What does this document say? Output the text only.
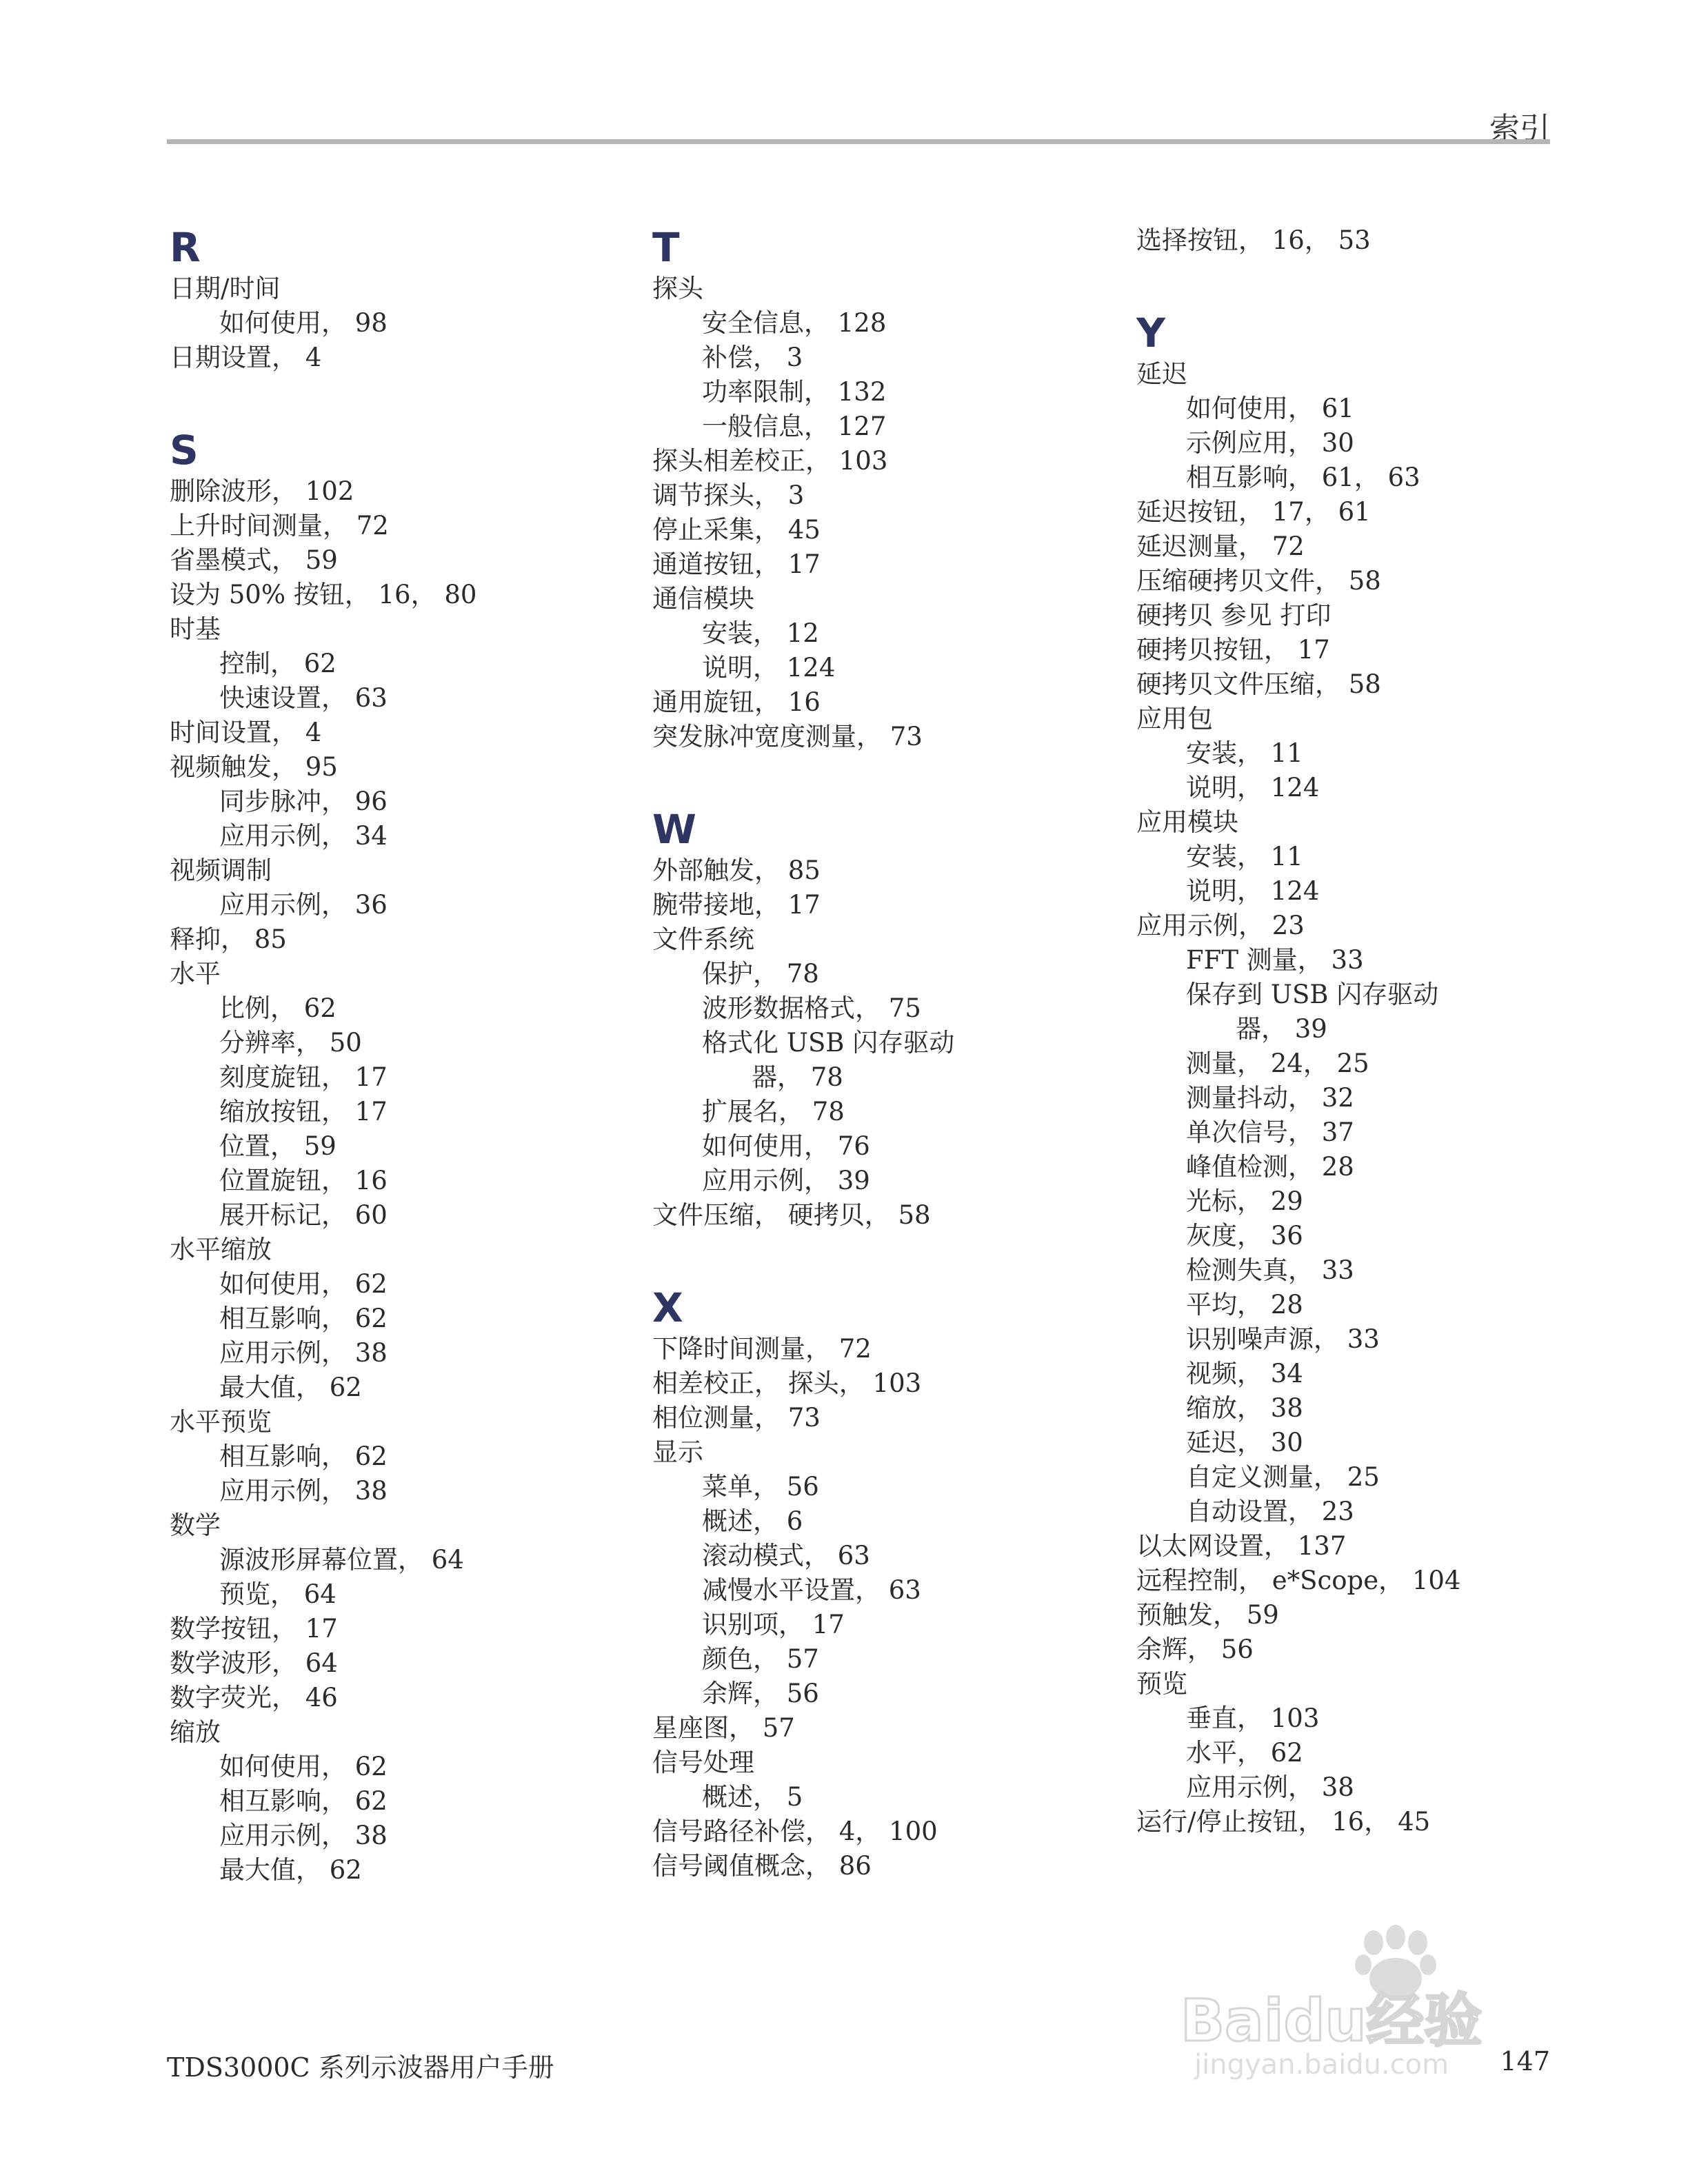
索引
R
日期/时间
如何使用， 98
日期设置， 4
S
删除波形， 102
上升时间测量， 72
省墨模式， 59
设为 50% 按钮， 16， 80
时基
控制， 62
快速设置， 63
时间设置， 4
视频触发， 95
同步脉冲， 96
应用示例， 34
视频调制
应用示例， 36
释抑， 85
水平
比例， 62
分辨率， 50
刻度旋钮， 17
缩放按钮， 17
位置， 59
位置旋钮， 16
展开标记， 60
水平缩放
如何使用， 62
相互影响， 62
应用示例， 38
最大值， 62
水平预览
相互影响， 62
应用示例， 38
数学
源波形屏幕位置， 64
预览， 64
数学按钮， 17
数学波形， 64
数字荧光， 46
缩放
如何使用， 62
相互影响， 62
应用示例， 38
最大值， 62
T
探头
安全信息， 128
补偿， 3
功率限制， 132
一般信息， 127
探头相差校正， 103
调节探头， 3
停止采集， 45
通道按钮， 17
通信模块
安装， 12
说明， 124
通用旋钮， 16
突发脉冲宽度测量， 73
W
外部触发， 85
腕带接地， 17
文件系统
保护， 78
波形数据格式， 75
格式化 USB 闪存驱动
器， 78
扩展名， 78
如何使用， 76
应用示例， 39
文件压缩， 硬拷贝， 58
X
下降时间测量， 72
相差校正， 探头， 103
相位测量， 73
显示
菜单， 56
概述， 6
滚动模式， 63
减慢水平设置， 63
识别项， 17
颜色， 57
余辉， 56
星座图， 57
信号处理
概述， 5
信号路径补偿， 4， 100
信号阈值概念， 86
选择按钮， 16， 53
Y
延迟
如何使用， 61
示例应用， 30
相互影响， 61， 63
延迟按钮， 17， 61
延迟测量， 72
压缩硬拷贝文件， 58
硬拷贝 参见 打印
硬拷贝按钮， 17
硬拷贝文件压缩， 58
应用包
安装， 11
说明， 124
应用模块
安装， 11
说明， 124
应用示例， 23
FFT 测量， 33
保存到 USB 闪存驱动
器， 39
测量， 24， 25
测量抖动， 32
单次信号， 37
峰值检测， 28
光标， 29
灰度， 36
检测失真， 33
平均， 28
识别噪声源， 33
视频， 34
缩放， 38
延迟， 30
自定义测量， 25
自动设置， 23
以太网设置， 137
远程控制， e*Scope， 104
预触发， 59
余辉， 56
预览
垂直， 103
水平， 62
应用示例， 38
运行/停止按钮， 16， 45
Baidu经验
jingyan.baidu.com
TDS3000C 系列示波器用户手册	147
